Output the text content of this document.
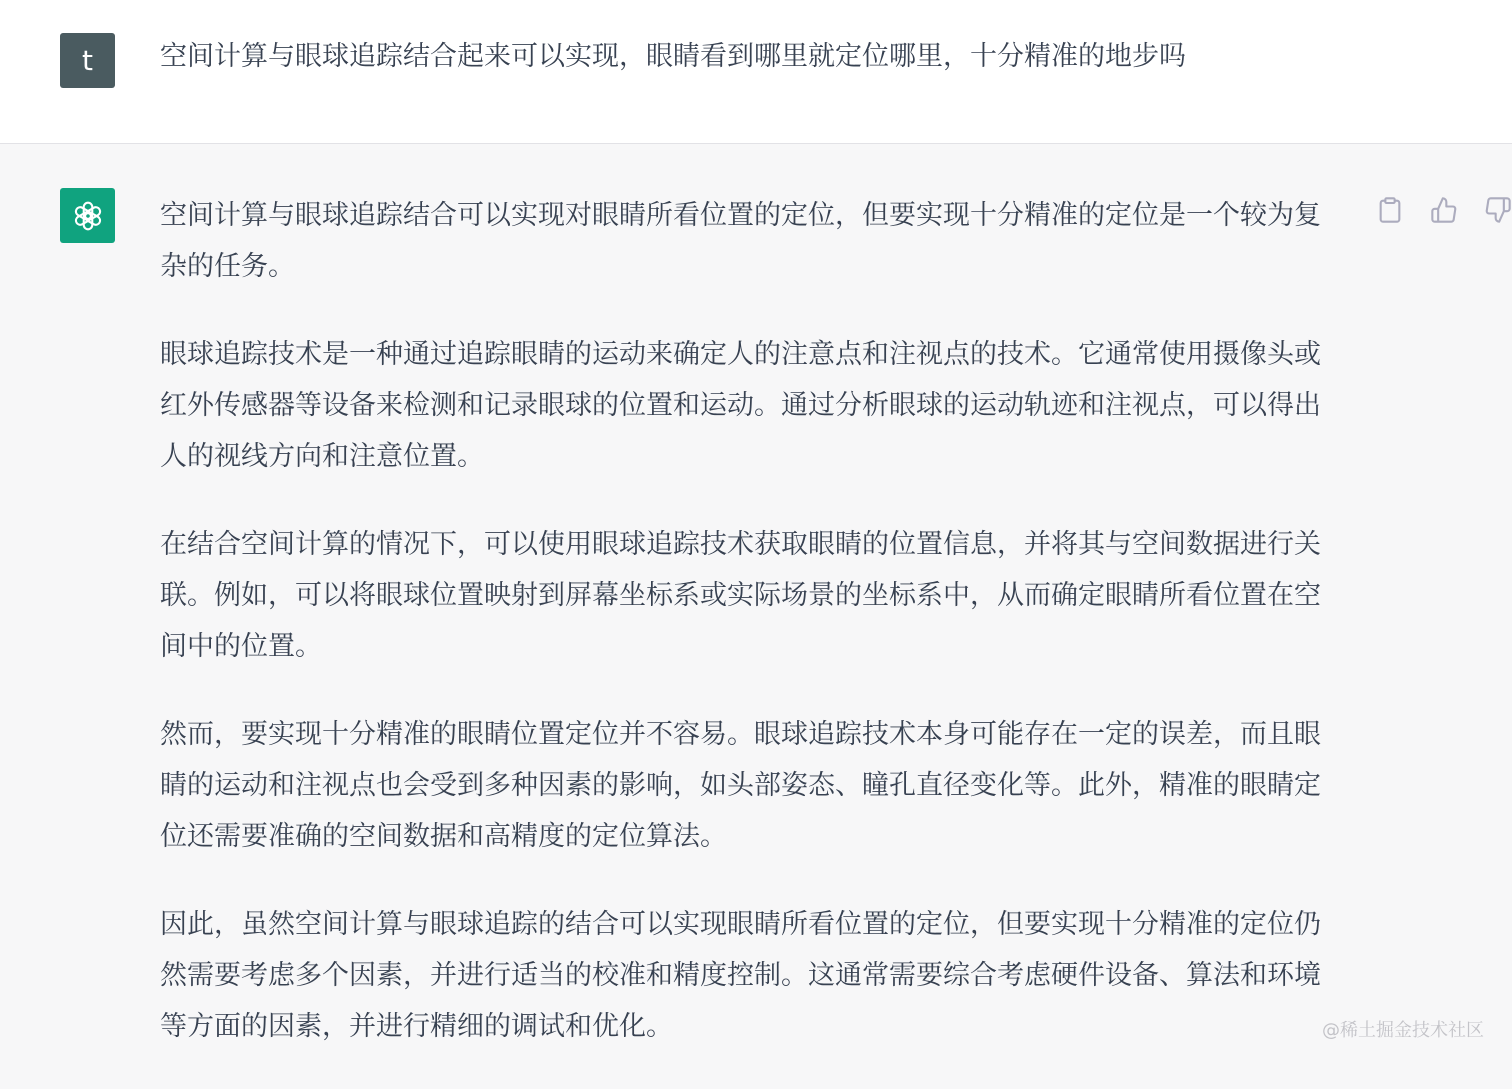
t	空间计算与眼球追踪结合起来可以实现，眼睛看到哪里就定位哪里，十分精准的地步吗

空间计算与眼球追踪结合可以实现对眼睛所看位置的定位，但要实现十分精准的定位是一个较为复杂的任务。

眼球追踪技术是一种通过追踪眼睛的运动来确定人的注意点和注视点的技术。它通常使用摄像头或红外传感器等设备来检测和记录眼球的位置和运动。通过分析眼球的运动轨迹和注视点，可以得出人的视线方向和注意位置。

在结合空间计算的情况下，可以使用眼球追踪技术获取眼睛的位置信息，并将其与空间数据进行关联。例如，可以将眼球位置映射到屏幕坐标系或实际场景的坐标系中，从而确定眼睛所看位置在空间中的位置。

然而，要实现十分精准的眼睛位置定位并不容易。眼球追踪技术本身可能存在一定的误差，而且眼睛的运动和注视点也会受到多种因素的影响，如头部姿态、瞳孔直径变化等。此外，精准的眼睛定位还需要准确的空间数据和高精度的定位算法。

因此，虽然空间计算与眼球追踪的结合可以实现眼睛所看位置的定位，但要实现十分精准的定位仍然需要考虑多个因素，并进行适当的校准和精度控制。这通常需要综合考虑硬件设备、算法和环境等方面的因素，并进行精细的调试和优化。	@稀土掘金技术社区
